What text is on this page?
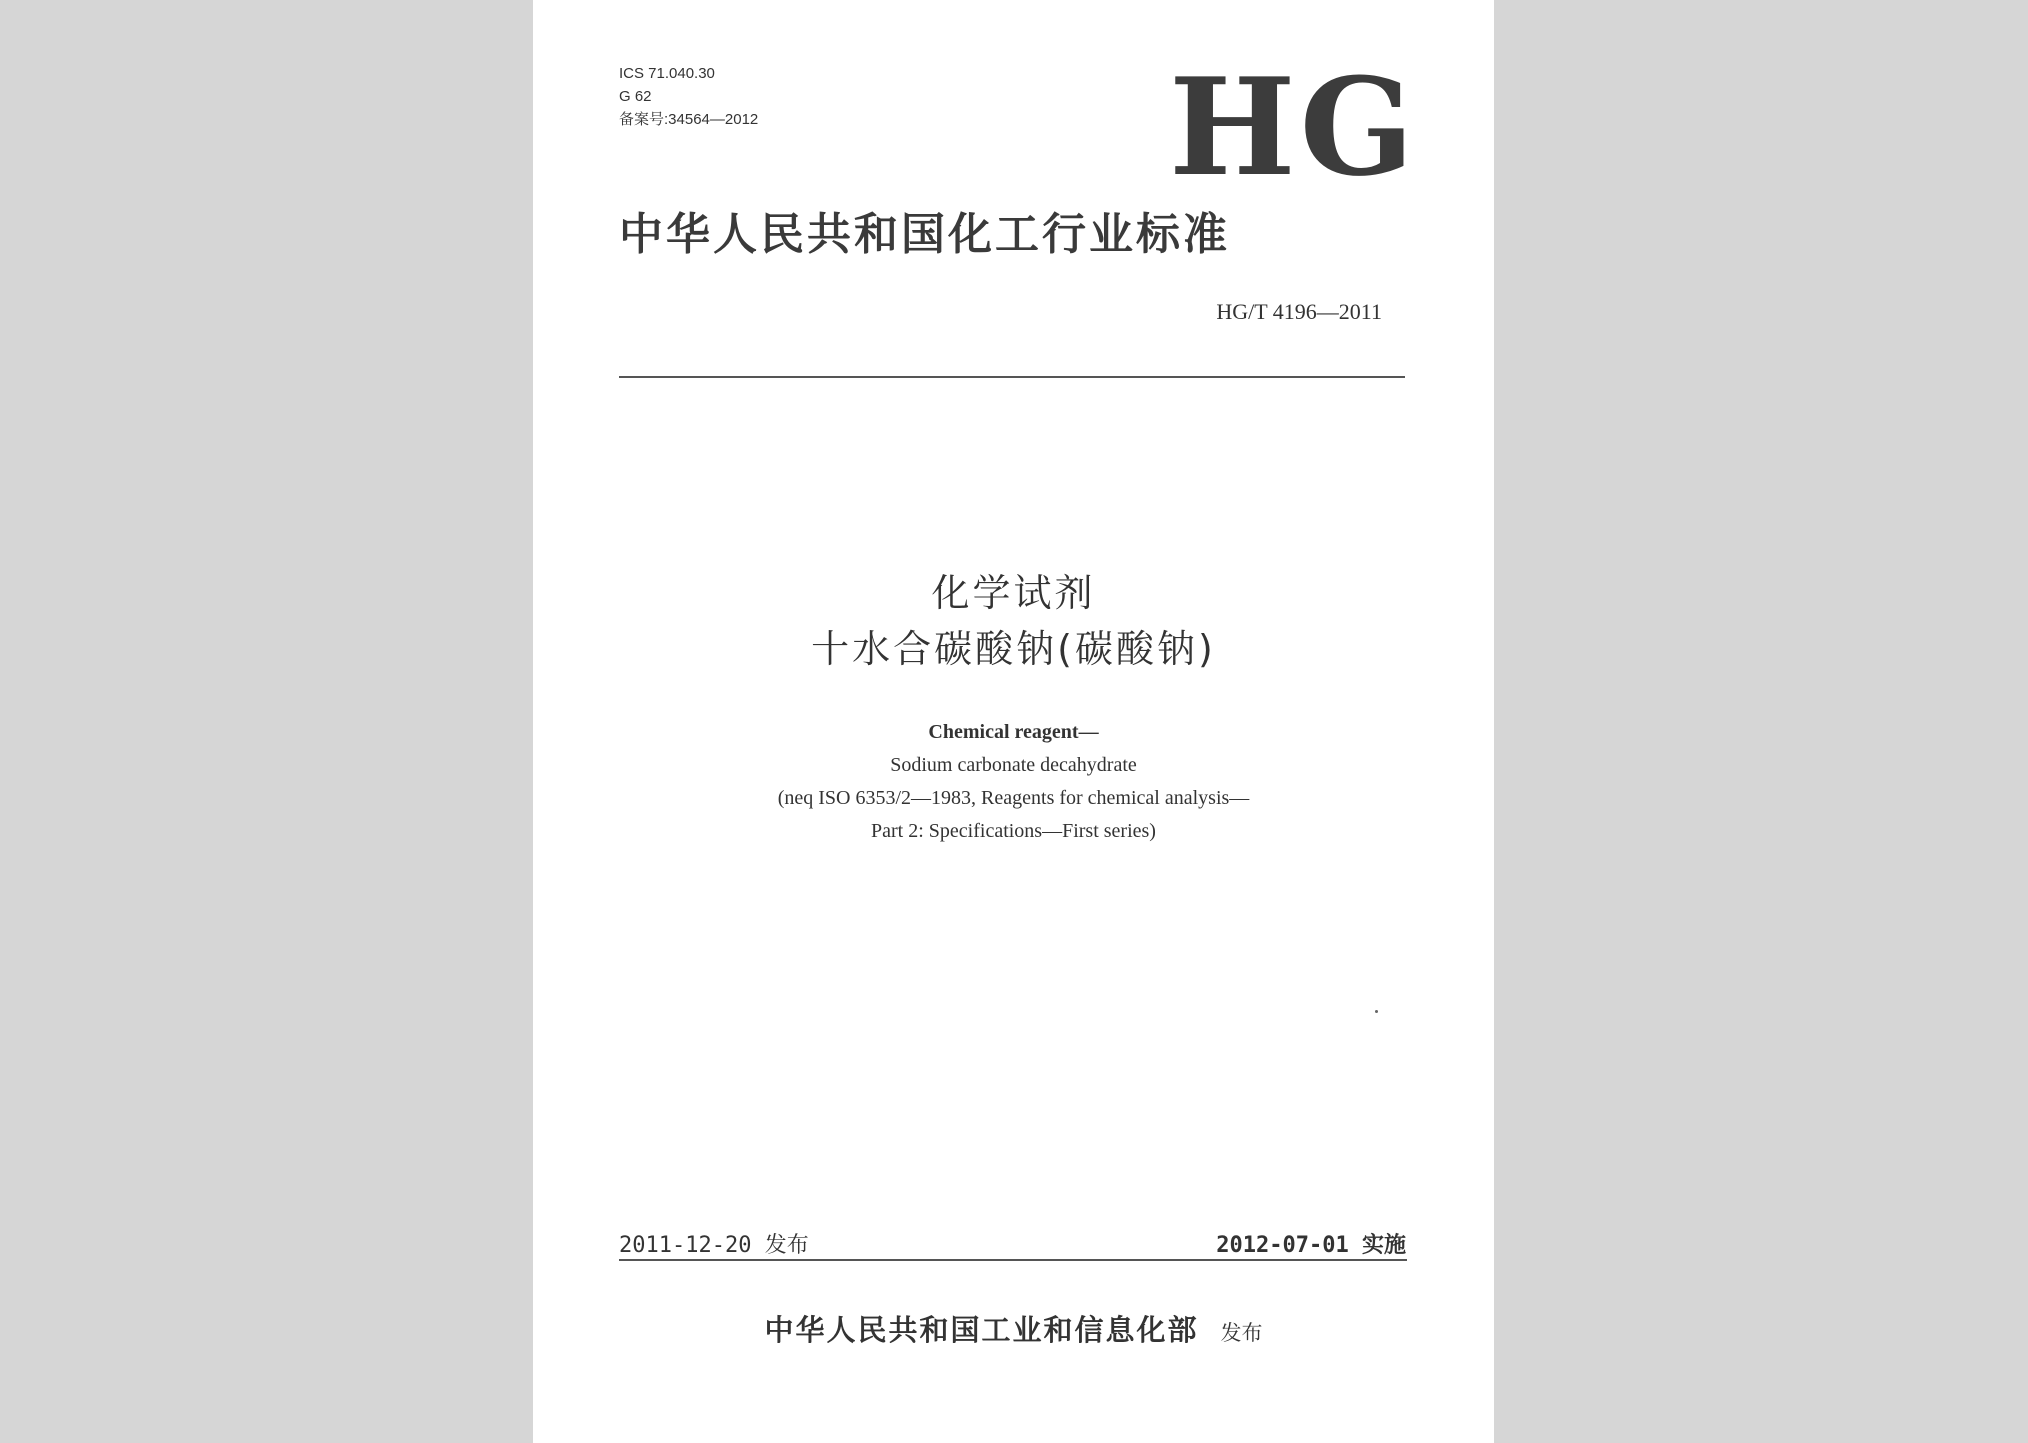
ICS 71.040.30
G 62
备案号:34564—2012	HG
中华人民共和国化工行业标准
HG/T 4196—2011
化学试剂
十水合碳酸钠(碳酸钠)
Chemical reagent—
Sodium carbonate decahydrate
(neq ISO 6353/2—1983, Reagents for chemical analysis—
Part 2: Specifications—First series)
2011-12-20 发布	2012-07-01 实施
中华人民共和国工业和信息化部 发布
